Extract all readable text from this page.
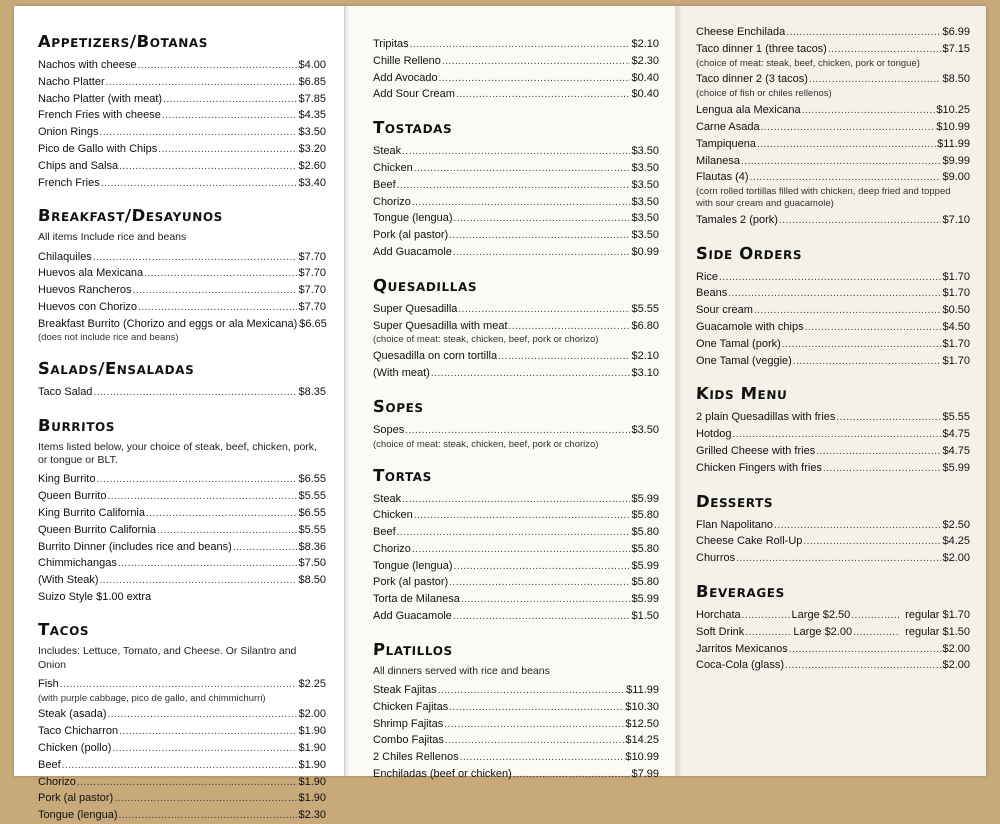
Appetizers/Botanas
Nachos with cheese .....	$4.00
Nacho Platter .....	$6.85
Nacho Platter (with meat) .....	$7.85
French Fries with cheese .....	$4.35
Onion Rings .....	$3.50
Pico de Gallo with Chips .....	$3.20
Chips and Salsa .....	$2.60
French Fries .....	$3.40
Breakfast/Desayunos

All items Include rice and beans

Chilaquiles .....	$7.70
Huevos ala Mexicana .....	$7.70
Huevos Rancheros .....	$7.70
Huevos con Chorizo .....	$7.70
Breakfast Burrito (Chorizo and eggs or ala Mexicana) $6.65
(does not include rice and beans)
Salads/Ensaladas
Taco Salad .....	$8.35
Burritos

Items listed below, your choice of steak, beef, chicken, pork, or tongue or BLT.

King Burrito .....	$6.55
Queen Burrito .....	$5.55
King Burrito California .....	$6.55
Queen Burrito California .....	$5.55
Burrito Dinner (includes rice and beans) .....	$8.36
Chimmichangas .....	$7.50
(With Steak) .....	$8.50
Suizo Style $1.00 extra
Tacos

Includes: Lettuce, Tomato, and Cheese. Or Silantro and Onion

Fish .....	$2.25
(with purple cabbage, pico de gallo, and chimmichurri)
Steak (asada) .....	$2.00
Taco Chicharron .....	$1.90
Chicken (pollo) .....	$1.90
Beef .....	$1.90
Chorizo .....	$1.90
Pork (al pastor) .....	$1.90
Tongue (lengua) .....	$2.30
Tripitas .....	$2.10
Chille Relleno .....	$2.30
Add Avocado .....	$0.40
Add Sour Cream .....	$0.40
Tostadas
Steak .....	$3.50
Chicken .....	$3.50
Beef .....	$3.50
Chorizo .....	$3.50
Tongue (lengua) .....	$3.50
Pork (al pastor) .....	$3.50
Add Guacamole .....	$0.99
Quesadillas
Super Quesadilla .....	$5.55
Super Quesadilla with meat .....	$6.80
(choice of meat: steak, chicken, beef, pork or chorizo)
Quesadilla on corn tortilla .....	$2.10
(With meat) .....	$3.10
Sopes
Sopes .....	$3.50
(choice of meat: steak, chicken, beef, pork or chorizo)
Tortas
Steak .....	$5.99
Chicken .....	$5.80
Beef .....	$5.80
Chorizo .....	$5.80
Tongue (lengua) .....	$5.99
Pork (al pastor) .....	$5.80
Torta de Milanesa .....	$5.99
Add Guacamole .....	$1.50
Platillos

All dinners served with rice and beans

Steak Fajitas .....	$11.99
Chicken Fajitas .....	$10.30
Shrimp Fajitas .....	$12.50
Combo Fajitas .....	$14.25
2 Chiles Rellenos .....	$10.99
Enchiladas (beef or chicken) .....	$7.99
Cheese Enchilada .....	$6.99
Taco dinner 1 (three tacos) .....	$7.15
(choice of meat: steak, beef, chicken, pork or tongue)
Taco dinner 2 (3 tacos) .....	$8.50
(choice of fish or chiles rellenos)
Lengua ala Mexicana .....	$10.25
Carne Asada .....	$10.99
Tampiquena .....	$11.99
Milanesa .....	$9.99
Flautas (4) .....	$9.00
(corn rolled tortillas filled with chicken, deep fried and topped with sour cream and guacamole)
Tamales 2 (pork) .....	$7.10
Side Orders
Rice .....	$1.70
Beans .....	$1.70
Sour cream .....	$0.50
Guacamole with chips .....	$4.50
One Tamal (pork) .....	$1.70
One Tamal (veggie) .....	$1.70
Kids Menu
2 plain Quesadillas with fries .....	$5.55
Hotdog .....	$4.75
Grilled Cheese with fries .....	$4.75
Chicken Fingers with fries .....	$5.99
Desserts
Flan Napolitano .....	$2.50
Cheese Cake Roll-Up .....	$4.25
Churros .....	$2.00
Beverages
Horchata .....	Large $2.50 .....	regular $1.70
Soft Drink .....	Large $2.00 .....	regular $1.50
Jarritos Mexicanos .....	$2.00
Coca-Cola (glass) .....	$2.00
